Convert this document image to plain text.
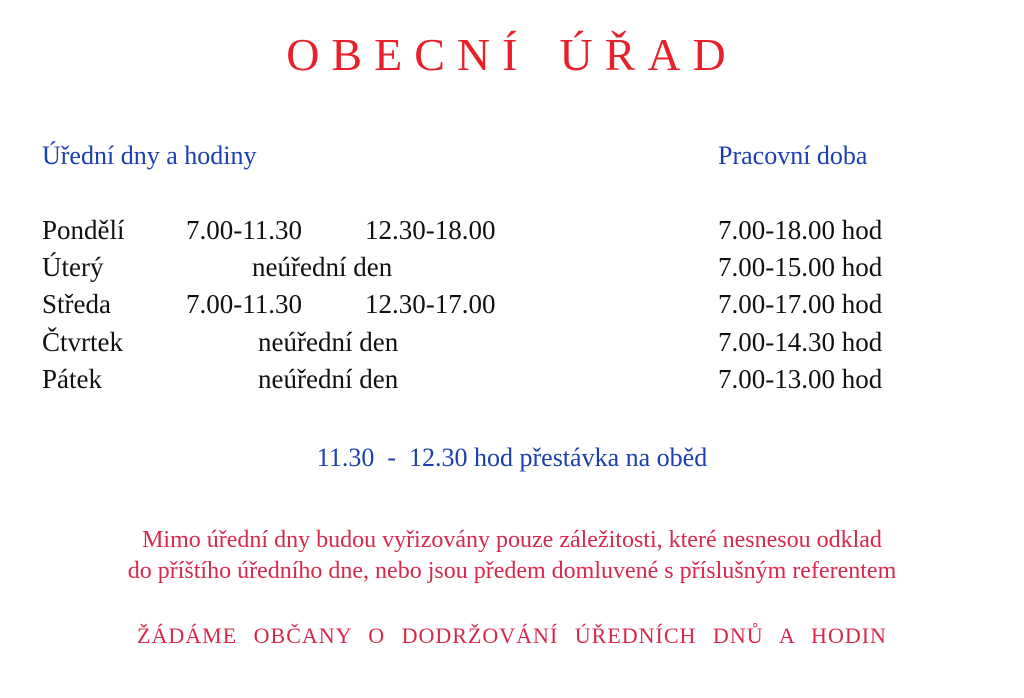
OBECNÍ ÚŘAD
Úřední dny a hodiny	Pracovní doba
Pondělí 7.00-11.30 12.30-18.00	7.00-18.00 hod
Úterý	neúřední den	7.00-15.00 hod
Středa	7.00-11.30 12.30-17.00	7.00-17.00 hod
Čtvrtek	neúřední den	7.00-14.30 hod
Pátek	neúřední den	7.00-13.00 hod
11.30  -  12.30 hod přestávka na oběd
Mimo úřední dny budou vyřizovány pouze záležitosti, které nesnesou odklad
do příštího úředního dne, nebo jsou předem domluvené s příslušným referentem
ŽÁDÁME OBČANY O DODRŽOVÁNÍ ÚŘEDNÍCH DNŮ A HODIN
